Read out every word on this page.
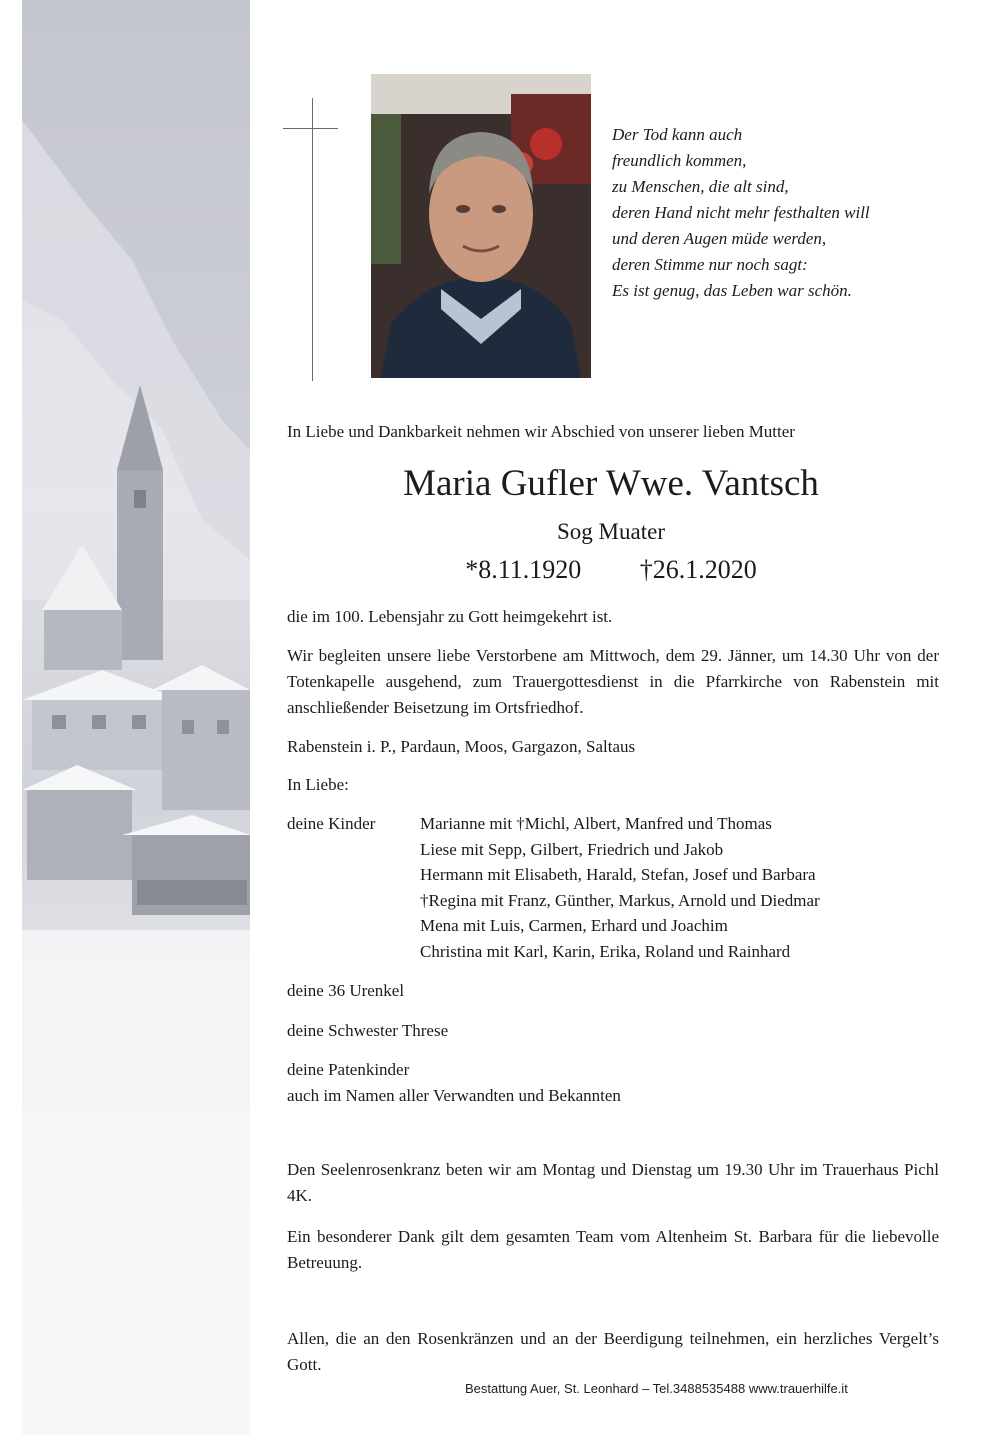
Der Tod kann auch
freundlich kommen,
zu Menschen, die alt sind,
deren Hand nicht mehr festhalten will
und deren Augen müde werden,
deren Stimme nur noch sagt:
Es ist genug, das Leben war schön.
In Liebe und Dankbarkeit nehmen wir Abschied von unserer lieben Mutter
Maria Gufler Wwe. Vantsch
Sog Muater
*8.11.1920 †26.1.2020
die im 100. Lebensjahr zu Gott heimgekehrt ist.
Wir begleiten unsere liebe Verstorbene am Mittwoch, dem 29. Jänner, um 14.30 Uhr von der Totenkapelle ausgehend, zum Trauergottesdienst in die Pfarrkirche von Rabenstein mit anschließender Beisetzung im Ortsfriedhof.
Rabenstein i. P., Pardaun, Moos, Gargazon, Saltaus
In Liebe:
deine Kinder	Marianne mit †Michl, Albert, Manfred und Thomas
Liese mit Sepp, Gilbert, Friedrich und Jakob
Hermann mit Elisabeth, Harald, Stefan, Josef und Barbara
†Regina mit Franz, Günther, Markus, Arnold und Diedmar
Mena mit Luis, Carmen, Erhard und Joachim
Christina mit Karl, Karin, Erika, Roland und Rainhard
deine 36 Urenkel
deine Schwester Threse
deine Patenkinder
auch im Namen aller Verwandten und Bekannten
Den Seelenrosenkranz beten wir am Montag und Dienstag um 19.30 Uhr im Trauerhaus Pichl 4K.
Ein besonderer Dank gilt dem gesamten Team vom Altenheim St. Barbara für die liebevolle Betreuung.
Allen, die an den Rosenkränzen und an der Beerdigung teilnehmen, ein herzliches Vergelt’s Gott.
Bestattung Auer, St. Leonhard – Tel.3488535488 www.trauerhilfe.it
